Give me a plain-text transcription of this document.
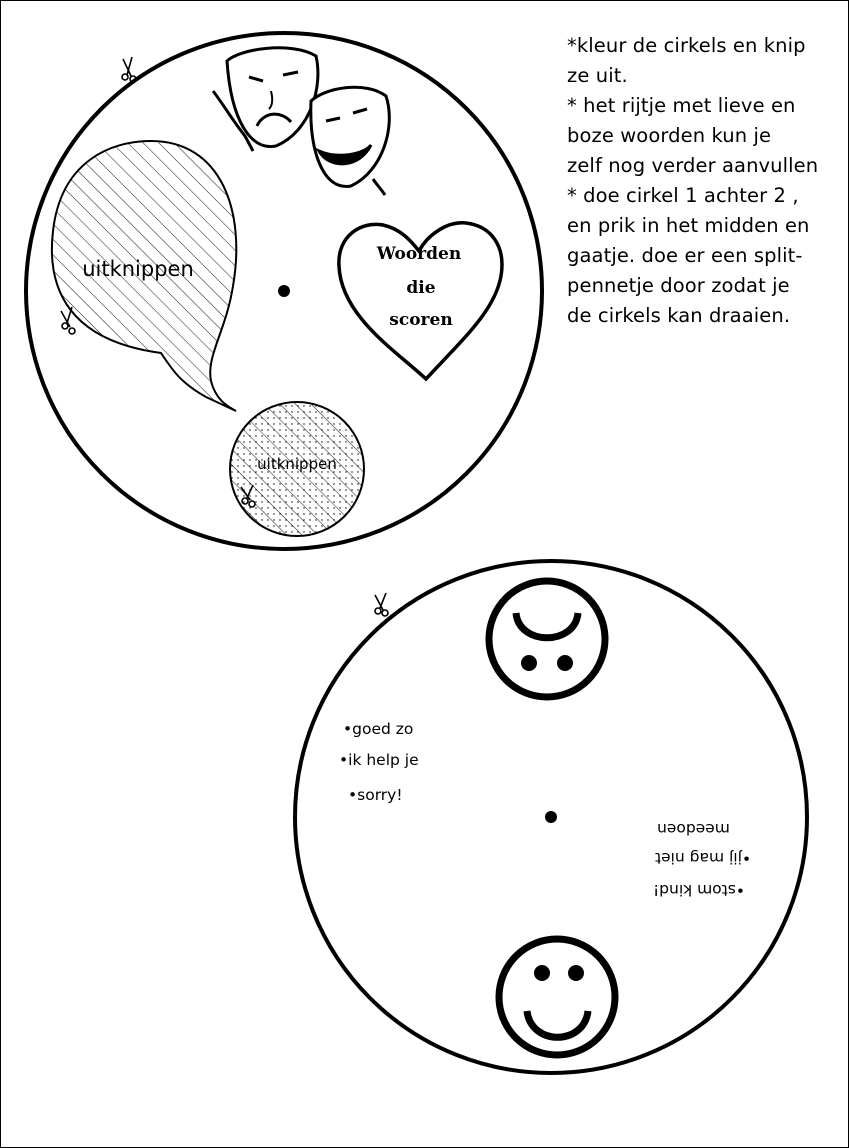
uitknippen
uitknippen
Woorden
die
scoren
•goed zo
•ik help je
•sorry!
•stom kind!
•jij mag niet
meedoen
*kleur de cirkels en knip
ze uit.
* het rijtje met lieve en
boze woorden kun je
zelf nog verder aanvullen
* doe cirkel 1 achter 2 ,
en prik in het midden en
gaatje. doe er een split-
pennetje door zodat je
de cirkels kan draaien.
